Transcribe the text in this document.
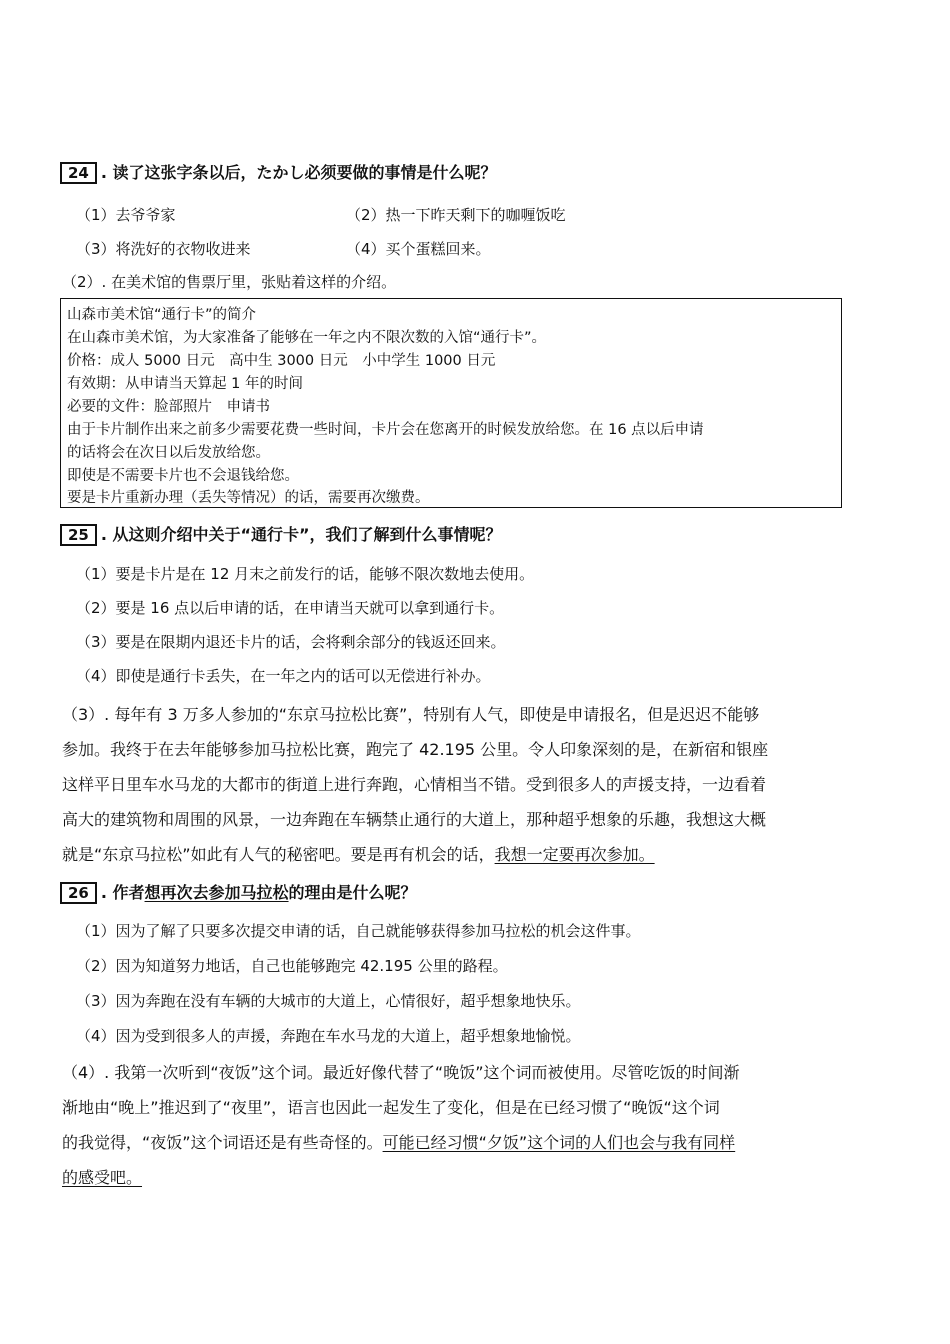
24 . 读了这张字条以后，たかし必须要做的事情是什么呢？
（1）去爷爷家	（2）热一下昨天剩下的咖喱饭吃
（3）将洗好的衣物收进来	（4）买个蛋糕回来。
（2）. 在美术馆的售票厅里，张贴着这样的介绍。
山森市美术馆“通行卡”的简介
在山森市美术馆，为大家准备了能够在一年之内不限次数的入馆“通行卡”。
价格：成人 5000 日元　高中生 3000 日元　小中学生 1000 日元
有效期：从申请当天算起 1 年的时间
必要的文件：脸部照片　申请书
由于卡片制作出来之前多少需要花费一些时间，卡片会在您离开的时候发放给您。在 16 点以后申请
的话将会在次日以后发放给您。
即使是不需要卡片也不会退钱给您。
要是卡片重新办理（丢失等情况）的话，需要再次缴费。
25 . 从这则介绍中关于“通行卡”，我们了解到什么事情呢？
（1）要是卡片是在 12 月末之前发行的话，能够不限次数地去使用。
（2）要是 16 点以后申请的话，在申请当天就可以拿到通行卡。
（3）要是在限期内退还卡片的话，会将剩余部分的钱返还回来。
（4）即使是通行卡丢失，在一年之内的话可以无偿进行补办。
（3）. 每年有 3 万多人参加的“东京马拉松比赛”，特别有人气，即使是申请报名，但是迟迟不能够
参加。我终于在去年能够参加马拉松比赛，跑完了 42.195 公里。令人印象深刻的是，在新宿和银座
这样平日里车水马龙的大都市的街道上进行奔跑，心情相当不错。受到很多人的声援支持，一边看着
高大的建筑物和周围的风景，一边奔跑在车辆禁止通行的大道上，那种超乎想象的乐趣，我想这大概
就是“东京马拉松”如此有人气的秘密吧。要是再有机会的话，我想一定要再次参加。
26 . 作者想再次去参加马拉松的理由是什么呢？
（1）因为了解了只要多次提交申请的话，自己就能够获得参加马拉松的机会这件事。
（2）因为知道努力地话，自己也能够跑完 42.195 公里的路程。
（3）因为奔跑在没有车辆的大城市的大道上，心情很好，超乎想象地快乐。
（4）因为受到很多人的声援，奔跑在车水马龙的大道上，超乎想象地愉悦。
（4）. 我第一次听到“夜饭”这个词。最近好像代替了“晚饭”这个词而被使用。尽管吃饭的时间渐
渐地由“晚上”推迟到了“夜里”，语言也因此一起发生了变化，但是在已经习惯了“晚饭“这个词
的我觉得，“夜饭”这个词语还是有些奇怪的。可能已经习惯“夕饭”这个词的人们也会与我有同样
的感受吧。
